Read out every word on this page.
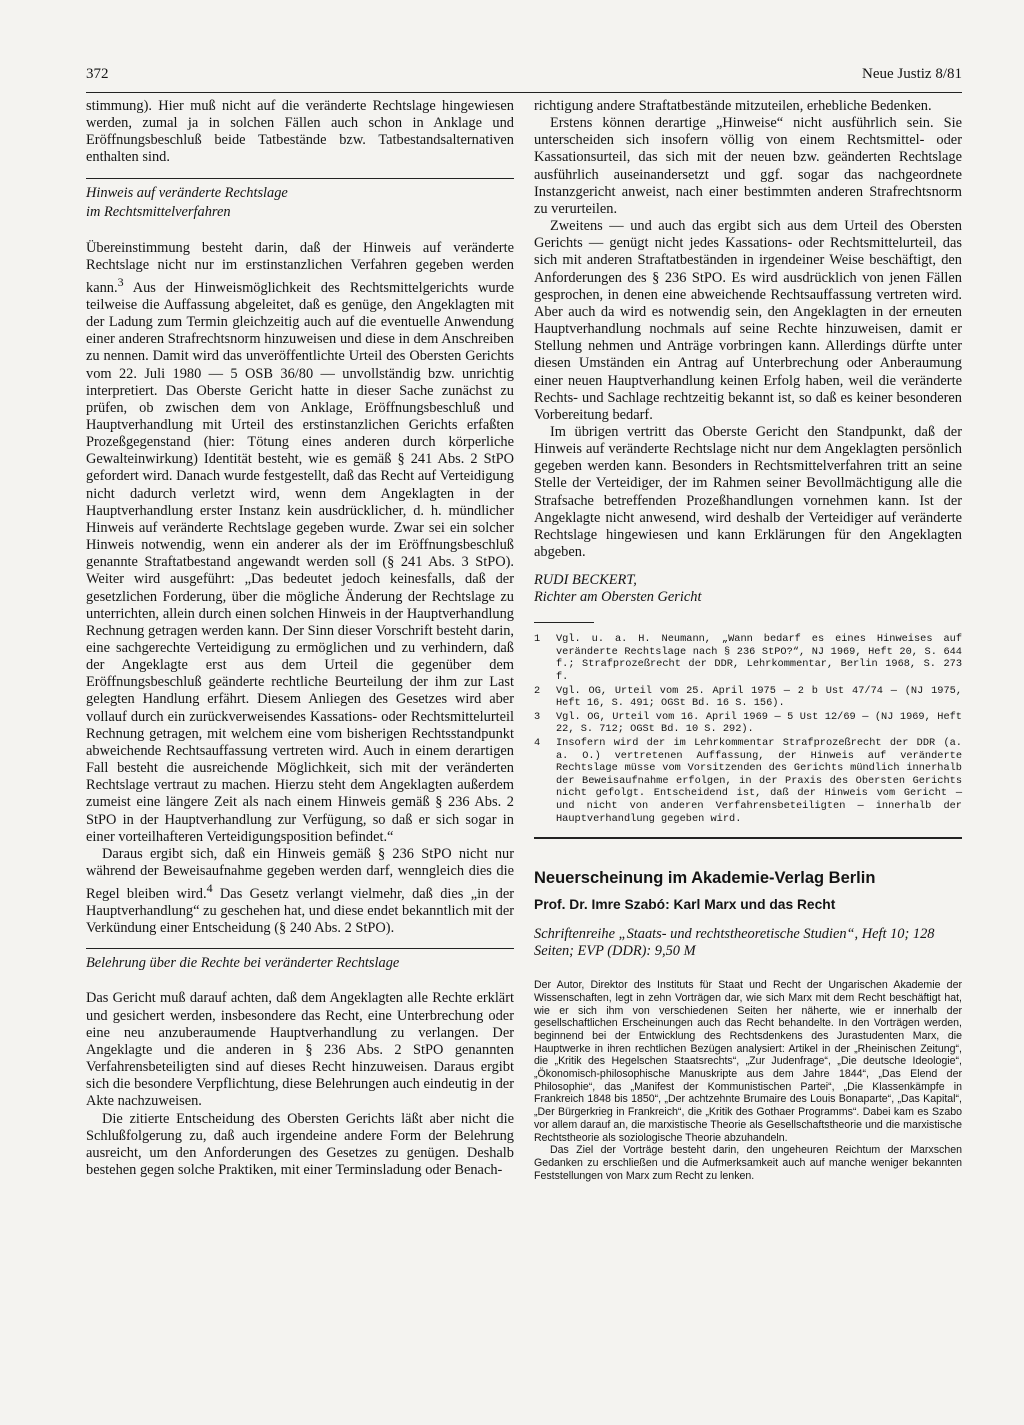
372	Neue Justiz 8/81

stimmung). Hier muß nicht auf die veränderte Rechtslage hingewiesen werden, zumal ja in solchen Fällen auch schon in Anklage und Eröffnungsbeschluß beide Tatbestände bzw. Tatbestandsalternativen enthalten sind.

Hinweis auf veränderte Rechtslage
im Rechtsmittelverfahren

Übereinstimmung besteht darin, daß der Hinweis auf veränderte Rechtslage nicht nur im erstinstanzlichen Verfahren gegeben werden kann.$^3$ Aus der Hinweismöglichkeit des Rechtsmittelgerichts wurde teilweise die Auffassung abgeleitet, daß es genüge, den Angeklagten mit der Ladung zum Termin gleichzeitig auch auf die eventuelle Anwendung einer anderen Strafrechtsnorm hinzuweisen und diese in dem Anschreiben zu nennen. Damit wird das unveröffentlichte Urteil des Obersten Gerichts vom 22. Juli 1980 — 5 OSB 36/80 — unvollständig bzw. unrichtig interpretiert. Das Oberste Gericht hatte in dieser Sache zunächst zu prüfen, ob zwischen dem von Anklage, Eröffnungsbeschluß und Hauptverhandlung mit Urteil des erstinstanzlichen Gerichts erfaßten Prozeßgegenstand (hier: Tötung eines anderen durch körperliche Gewalteinwirkung) Identität besteht, wie es gemäß § 241 Abs. 2 StPO gefordert wird. Danach wurde festgestellt, daß das Recht auf Verteidigung nicht dadurch verletzt wird, wenn dem Angeklagten in der Hauptverhandlung erster Instanz kein ausdrücklicher, d. h. mündlicher Hinweis auf veränderte Rechtslage gegeben wurde. Zwar sei ein solcher Hinweis notwendig, wenn ein anderer als der im Eröffnungsbeschluß genannte Straftatbestand angewandt werden soll (§ 241 Abs. 3 StPO). Weiter wird ausgeführt: „Das bedeutet jedoch keinesfalls, daß der gesetzlichen Forderung, über die mögliche Änderung der Rechtslage zu unterrichten, allein durch einen solchen Hinweis in der Hauptverhandlung Rechnung getragen werden kann. Der Sinn dieser Vorschrift besteht darin, eine sachgerechte Verteidigung zu ermöglichen und zu verhindern, daß der Angeklagte erst aus dem Urteil die gegenüber dem Eröffnungsbeschluß geänderte rechtliche Beurteilung der ihm zur Last gelegten Handlung erfährt. Diesem Anliegen des Gesetzes wird aber vollauf durch ein zurückverweisendes Kassations- oder Rechtsmittelurteil Rechnung getragen, mit welchem eine vom bisherigen Rechtsstandpunkt abweichende Rechtsauffassung vertreten wird. Auch in einem derartigen Fall besteht die ausreichende Möglichkeit, sich mit der veränderten Rechtslage vertraut zu machen. Hierzu steht dem Angeklagten außerdem zumeist eine längere Zeit als nach einem Hinweis gemäß § 236 Abs. 2 StPO in der Hauptverhandlung zur Verfügung, so daß er sich sogar in einer vorteilhafteren Verteidigungsposition befindet.“

Daraus ergibt sich, daß ein Hinweis gemäß § 236 StPO nicht nur während der Beweisaufnahme gegeben werden darf, wenngleich dies die Regel bleiben wird.$^4$ Das Gesetz verlangt vielmehr, daß dies „in der Hauptverhandlung“ zu geschehen hat, und diese endet bekanntlich mit der Verkündung einer Entscheidung (§ 240 Abs. 2 StPO).

Belehrung über die Rechte bei veränderter Rechtslage

Das Gericht muß darauf achten, daß dem Angeklagten alle Rechte erklärt und gesichert werden, insbesondere das Recht, eine Unterbrechung oder eine neu anzuberaumende Hauptverhandlung zu verlangen. Der Angeklagte und die anderen in § 236 Abs. 2 StPO genannten Verfahrensbeteiligten sind auf dieses Recht hinzuweisen. Daraus ergibt sich die besondere Verpflichtung, diese Belehrungen auch eindeutig in der Akte nachzuweisen.

Die zitierte Entscheidung des Obersten Gerichts läßt aber nicht die Schlußfolgerung zu, daß auch irgendeine andere Form der Belehrung ausreicht, um den Anforderungen des Gesetzes zu genügen. Deshalb bestehen gegen solche Praktiken, mit einer Terminsladung oder Benach-

richtigung andere Straftatbestände mitzuteilen, erhebliche Bedenken.

Erstens können derartige „Hinweise“ nicht ausführlich sein. Sie unterscheiden sich insofern völlig von einem Rechtsmittel- oder Kassationsurteil, das sich mit der neuen bzw. geänderten Rechtslage ausführlich auseinandersetzt und ggf. sogar das nachgeordnete Instanzgericht anweist, nach einer bestimmten anderen Strafrechtsnorm zu verurteilen.

Zweitens — und auch das ergibt sich aus dem Urteil des Obersten Gerichts — genügt nicht jedes Kassations- oder Rechtsmittelurteil, das sich mit anderen Straftatbeständen in irgendeiner Weise beschäftigt, den Anforderungen des § 236 StPO. Es wird ausdrücklich von jenen Fällen gesprochen, in denen eine abweichende Rechtsauffassung vertreten wird. Aber auch da wird es notwendig sein, den Angeklagten in der erneuten Hauptverhandlung nochmals auf seine Rechte hinzuweisen, damit er Stellung nehmen und Anträge vorbringen kann. Allerdings dürfte unter diesen Umständen ein Antrag auf Unterbrechung oder Anberaumung einer neuen Hauptverhandlung keinen Erfolg haben, weil die veränderte Rechts- und Sachlage rechtzeitig bekannt ist, so daß es keiner besonderen Vorbereitung bedarf.

Im übrigen vertritt das Oberste Gericht den Standpunkt, daß der Hinweis auf veränderte Rechtslage nicht nur dem Angeklagten persönlich gegeben werden kann. Besonders in Rechtsmittelverfahren tritt an seine Stelle der Verteidiger, der im Rahmen seiner Bevollmächtigung alle die Strafsache betreffenden Prozeßhandlungen vornehmen kann. Ist der Angeklagte nicht anwesend, wird deshalb der Verteidiger auf veränderte Rechtslage hingewiesen und kann Erklärungen für den Angeklagten abgeben.

RUDI BECKERT,
Richter am Obersten Gericht
1 Vgl. u. a. H. Neumann, „Wann bedarf es eines Hinweises auf veränderte Rechtslage nach § 236 StPO?“, NJ 1969, Heft 20, S. 644 f.; Strafprozeßrecht der DDR, Lehrkommentar, Berlin 1968, S. 273 f.
2 Vgl. OG, Urteil vom 25. April 1975 — 2 b Ust 47/74 — (NJ 1975, Heft 16, S. 491; OGSt Bd. 16 S. 156).
3 Vgl. OG, Urteil vom 16. April 1969 — 5 Ust 12/69 — (NJ 1969, Heft 22, S. 712; OGSt Bd. 10 S. 292).
4 Insofern wird der im Lehrkommentar Strafprozeßrecht der DDR (a. a. O.) vertretenen Auffassung, der Hinweis auf veränderte Rechtslage müsse vom Vorsitzenden des Gerichts mündlich innerhalb der Beweisaufnahme erfolgen, in der Praxis des Obersten Gerichts nicht gefolgt. Entscheidend ist, daß der Hinweis vom Gericht — und nicht von anderen Verfahrensbeteiligten — innerhalb der Hauptverhandlung gegeben wird.
Neuerscheinung im Akademie-Verlag Berlin
Prof. Dr. Imre Szabó: Karl Marx und das Recht
Schriftenreihe „Staats- und rechtstheoretische Studien“, Heft 10; 128 Seiten; EVP (DDR): 9,50 M

Der Autor, Direktor des Instituts für Staat und Recht der Ungarischen Akademie der Wissenschaften, legt in zehn Vorträgen dar, wie sich Marx mit dem Recht beschäftigt hat, wie er sich ihm von verschiedenen Seiten her näherte, wie er innerhalb der gesellschaftlichen Erscheinungen auch das Recht behandelte. In den Vorträgen werden, beginnend bei der Entwicklung des Rechtsdenkens des Jurastudenten Marx, die Hauptwerke in ihren rechtlichen Bezügen analysiert: Artikel in der „Rheinischen Zeitung“, die „Kritik des Hegelschen Staatsrechts“, „Zur Judenfrage“, „Die deutsche Ideologie“, „Ökonomisch-philosophische Manuskripte aus dem Jahre 1844“, „Das Elend der Philosophie“, das „Manifest der Kommunistischen Partei“, „Die Klassenkämpfe in Frankreich 1848 bis 1850“, „Der achtzehnte Brumaire des Louis Bonaparte“, „Das Kapital“, „Der Bürgerkrieg in Frankreich“, die „Kritik des Gothaer Programms“. Dabei kam es Szabo vor allem darauf an, die marxistische Theorie als Gesellschaftstheorie und die marxistische Rechtstheorie als soziologische Theorie abzuhandeln.

Das Ziel der Vorträge besteht darin, den ungeheuren Reichtum der Marxschen Gedanken zu erschließen und die Aufmerksamkeit auch auf manche weniger bekannten Feststellungen von Marx zum Recht zu lenken.
